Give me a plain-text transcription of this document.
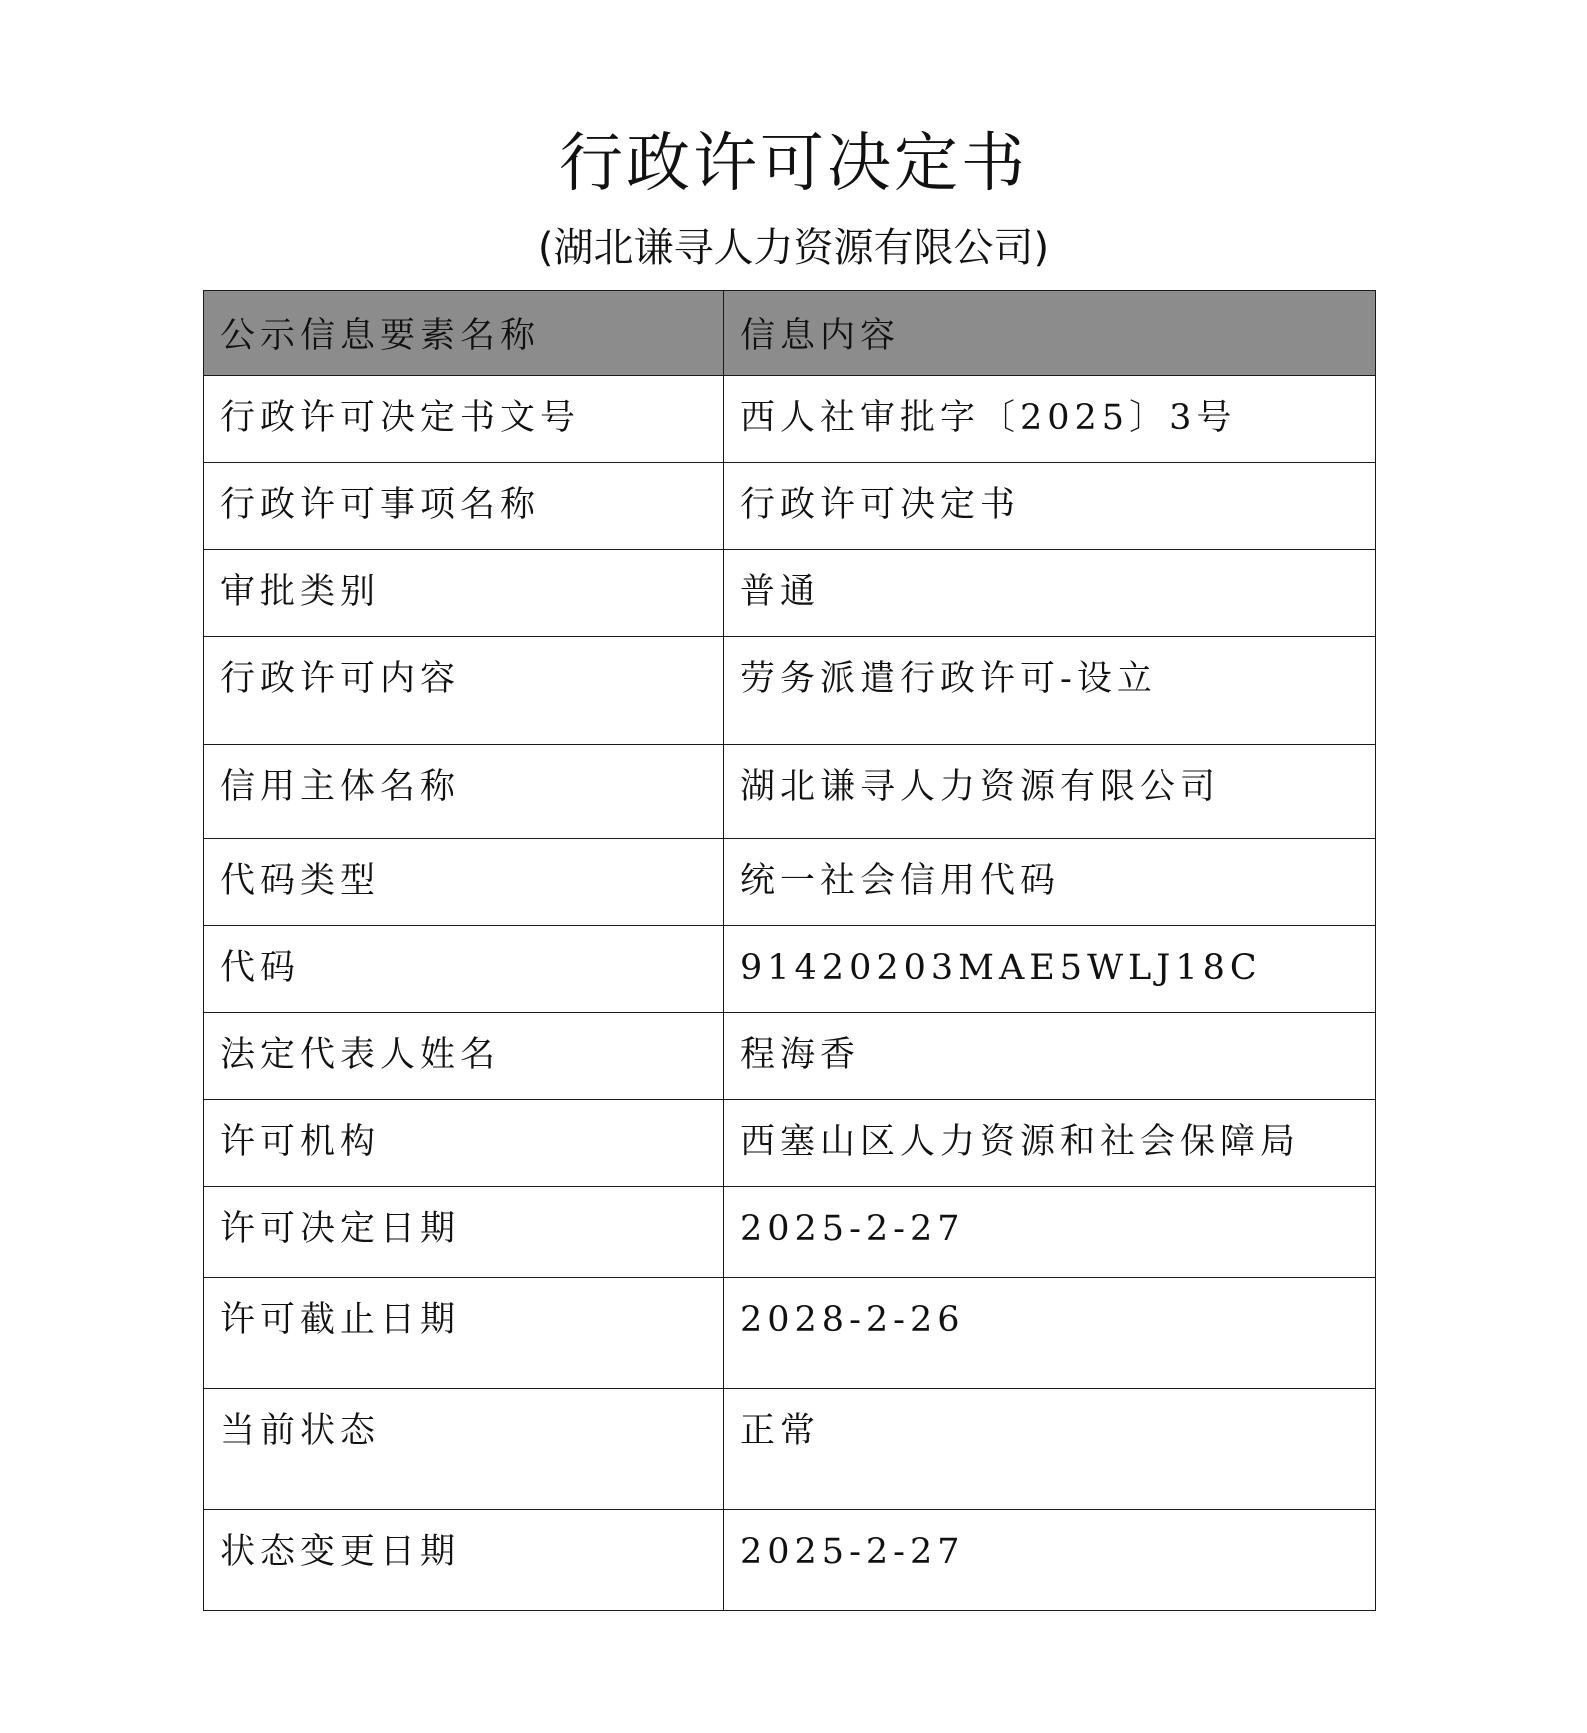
行政许可决定书

(湖北谦寻人力资源有限公司)

公示信息要素名称	信息内容

行政许可决定书文号	西人社审批字〔2025〕3号

行政许可事项名称	行政许可决定书

审批类别	普通

行政许可内容	劳务派遣行政许可-设立

信用主体名称	湖北谦寻人力资源有限公司

代码类型	统一社会信用代码

代码	91420203MAE5WLJ18C

法定代表人姓名	程海香

许可机构	西塞山区人力资源和社会保障局

许可决定日期	2025-2-27

许可截止日期	2028-2-26

当前状态	正常

状态变更日期	2025-2-27
